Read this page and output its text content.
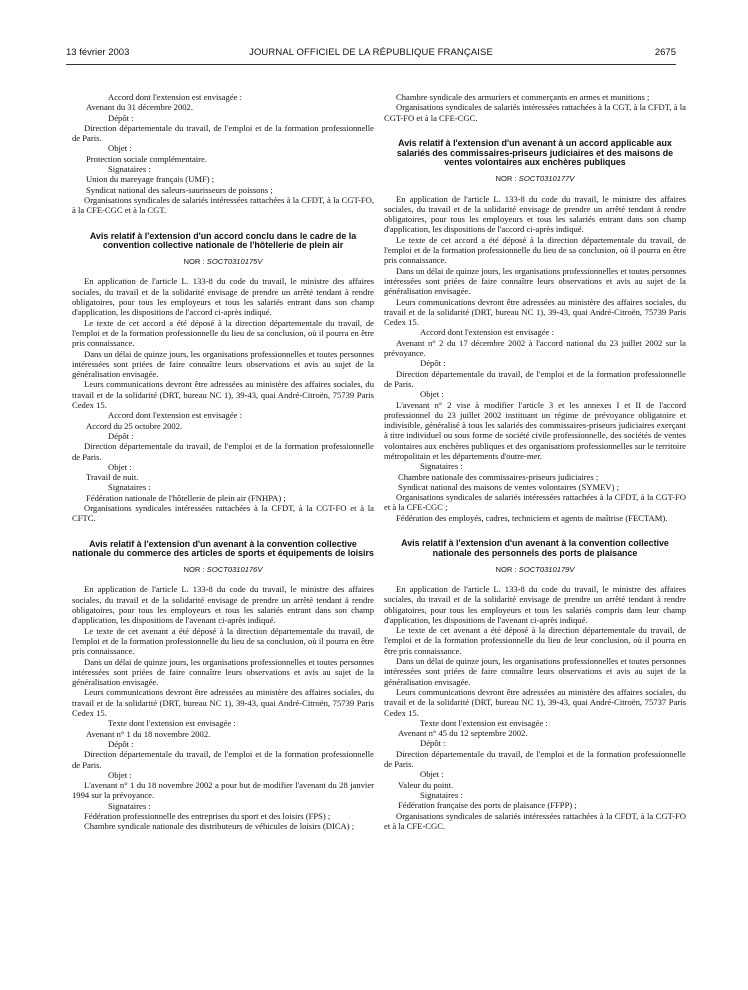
13 février 2003	JOURNAL OFFICIEL DE LA RÉPUBLIQUE FRANÇAISE	2675

Accord dont l'extension est envisagée :

Avenant du 31 décembre 2002.

Dépôt :

Direction départementale du travail, de l'emploi et de la formation professionnelle de Paris.

Objet :

Protection sociale complémentaire.

Signataires :

Union du mareyage français (UMF) ;

Syndicat national des saleurs-saurisseurs de poissons ;

Organisations syndicales de salariés intéressées rattachées à la CFDT, à la CGT-FO, à la CFE-CGC et à la CGT.

Avis relatif à l'extension d'un accord conclu dans le cadre de la convention collective nationale de l'hôtellerie de plein air

NOR : SOCT0310175V

En application de l'article L. 133-8 du code du travail, le ministre des affaires sociales, du travail et de la solidarité envisage de prendre un arrêté tendant à rendre obligatoires, pour tous les employeurs et tous les salariés entrant dans son champ d'application, les dispositions de l'accord ci-après indiqué.

Le texte de cet accord a été déposé à la direction départementale du travail, de l'emploi et de la formation professionnelle du lieu de sa conclusion, où il pourra en être pris connaissance.

Dans un délai de quinze jours, les organisations professionnelles et toutes personnes intéressées sont priées de faire connaître leurs observations et avis au sujet de la généralisation envisagée.

Leurs communications devront être adressées au ministère des affaires sociales, du travail et de la solidarité (DRT, bureau NC 1), 39-43, quai André-Citroën, 75739 Paris Cedex 15.

Accord dont l'extension est envisagée :

Accord du 25 octobre 2002.

Dépôt :

Direction départementale du travail, de l'emploi et de la formation professionnelle de Paris.

Objet :

Travail de nuit.

Signataires :

Fédération nationale de l'hôtellerie de plein air (FNHPA) ;

Organisations syndicales intéressées rattachées à la CFDT, à la CGT-FO et à la CFTC.

Avis relatif à l'extension d'un avenant à la convention collective nationale du commerce des articles de sports et équipements de loisirs

NOR : SOCT0310176V

En application de l'article L. 133-8 du code du travail, le ministre des affaires sociales, du travail et de la solidarité envisage de prendre un arrêté tendant à rendre obligatoires, pour tous les employeurs et tous les salariés entrant dans son champ d'application, les dispositions de l'avenant ci-après indiqué.

Le texte de cet avenant a été déposé à la direction départementale du travail, de l'emploi et de la formation professionnelle du lieu de sa conclusion, où il pourra en être pris connaissance.

Dans un délai de quinze jours, les organisations professionnelles et toutes personnes intéressées sont priées de faire connaître leurs observations et avis au sujet de la généralisation envisagée.

Leurs communications devront être adressées au ministère des affaires sociales, du travail et de la solidarité (DRT, bureau NC 1), 39-43, quai André-Citroën, 75739 Paris Cedex 15.

Texte dont l'extension est envisagée :

Avenant n° 1 du 18 novembre 2002.

Dépôt :

Direction départementale du travail, de l'emploi et de la formation professionnelle de Paris.

Objet :

L'avenant n° 1 du 18 novembre 2002 a pour but de modifier l'avenant du 28 janvier 1994 sur la prévoyance.

Signataires :

Fédération professionnelle des entreprises du sport et des loisirs (FPS) ;

Chambre syndicale nationale des distributeurs de véhicules de loisirs (DICA) ;

Chambre syndicale des armuriers et commerçants en armes et munitions ;

Organisations syndicales de salariés intéressées rattachées à la CGT, à la CFDT, à la CGT-FO et à la CFE-CGC.

Avis relatif à l'extension d'un avenant à un accord applicable aux salariés des commissaires-priseurs judiciaires et des maisons de ventes volontaires aux enchères publiques

NOR : SOCT0310177V

En application de l'article L. 133-8 du code du travail, le ministre des affaires sociales, du travail et de la solidarité envisage de prendre un arrêté tendant à rendre obligatoires, pour tous les employeurs et tous les salariés entrant dans son champ d'application, les dispositions de l'accord ci-après indiqué.

Le texte de cet accord a été déposé à la direction départementale du travail, de l'emploi et de la formation professionnelle du lieu de sa conclusion, où il pourra en être pris connaissance.

Dans un délai de quinze jours, les organisations professionnelles et toutes personnes intéressées sont priées de faire connaître leurs observations et avis au sujet de la généralisation envisagée.

Leurs communications devront être adressées au ministère des affaires sociales, du travail et de la solidarité (DRT, bureau NC 1), 39-43, quai André-Citroën, 75739 Paris Cedex 15.

Accord dont l'extension est envisagée :

Avenant n° 2 du 17 décembre 2002 à l'accord national du 23 juillet 2002 sur la prévoyance.

Dépôt :

Direction départementale du travail, de l'emploi et de la formation professionnelle de Paris.

Objet :

L'avenant n° 2 vise à modifier l'article 3 et les annexes I et II de l'accord professionnel du 23 juillet 2002 instituant un régime de prévoyance obligatoire et indivisible, généralisé à tous les salariés des commissaires-priseurs judiciaires exerçant à titre individuel ou sous forme de société civile professionnelle, des sociétés de ventes volontaires aux enchères publiques et des organisations professionnelles sur le territoire métropolitain et les départements d'outre-mer.

Signataires :

Chambre nationale des commissaires-priseurs judiciaires ;

Syndicat national des maisons de ventes volontaires (SYMEV) ;

Organisations syndicales de salariés intéressées rattachées à la CFDT, à la CGT-FO et à la CFE-CGC ;

Fédération des employés, cadres, techniciens et agents de maîtrise (FECTAM).

Avis relatif à l'extension d'un avenant à la convention collective nationale des personnels des ports de plaisance

NOR : SOCT0310179V

En application de l'article L. 133-8 du code du travail, le ministre des affaires sociales, du travail et de la solidarité envisage de prendre un arrêté tendant à rendre obligatoires, pour tous les employeurs et tous les salariés compris dans leur champ d'application, les dispositions de l'avenant ci-après indiqué.

Le texte de cet avenant a été déposé à la direction départementale du travail, de l'emploi et de la formation professionnelle du lieu de leur conclusion, où il pourra en être pris connaissance.

Dans un délai de quinze jours, les organisations professionnelles et toutes personnes intéressées sont priées de faire connaître leurs observations et avis au sujet de la généralisation envisagée.

Leurs communications devront être adressées au ministère des affaires sociales, du travail et de la solidarité (DRT, bureau NC 1), 39-43, quai André-Citroën, 75737 Paris Cedex 15.

Texte dont l'extension est envisagée :

Avenant n° 45 du 12 septembre 2002.

Dépôt :

Direction départementale du travail, de l'emploi et de la formation professionnelle de Paris.

Objet :

Valeur du point.

Signataires :

Fédération française des ports de plaisance (FFPP) ;

Organisations syndicales de salariés intéressées rattachées à la CFDT, à la CGT-FO et à la CFE-CGC.
